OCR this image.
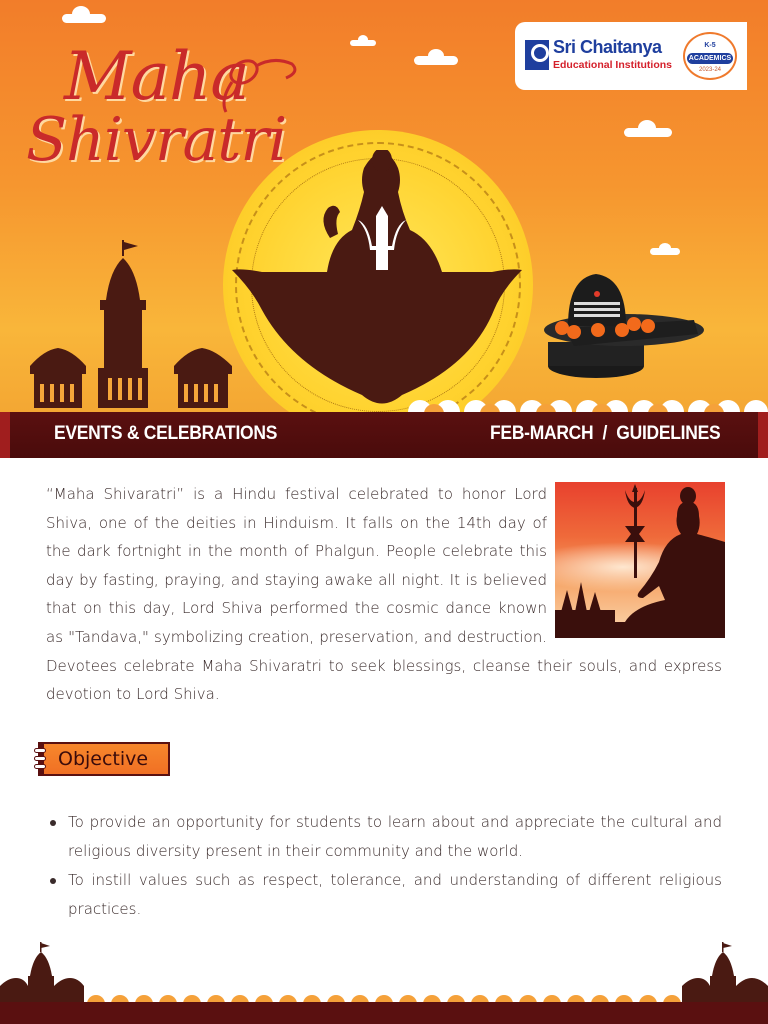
Maha
Shivratri
Sri Chaitanya
Educational Institutions
K-5
ACADEMICS
2023-24
EVENTS & CELEBRATIONS	FEB-MARCH  /  GUIDELINES
“Maha Shivaratri” is a Hindu festival celebrated to honor Lord Shiva, one of the deities in Hinduism. It falls on the 14th day of the dark fortnight in the month of Phalgun. People celebrate this day by fasting, praying, and staying awake all night. It is believed that on this day, Lord Shiva performed the cosmic dance known as "Tandava," symbolizing creation, preservation, and destruction. Devotees celebrate Maha Shivaratri to seek blessings, cleanse their souls, and express devotion to Lord Shiva.
Objective
To provide an opportunity for students to learn about and appreciate the cultural and religious diversity present in their community and the world.
To instill values such as respect, tolerance, and understanding of different religious practices.
